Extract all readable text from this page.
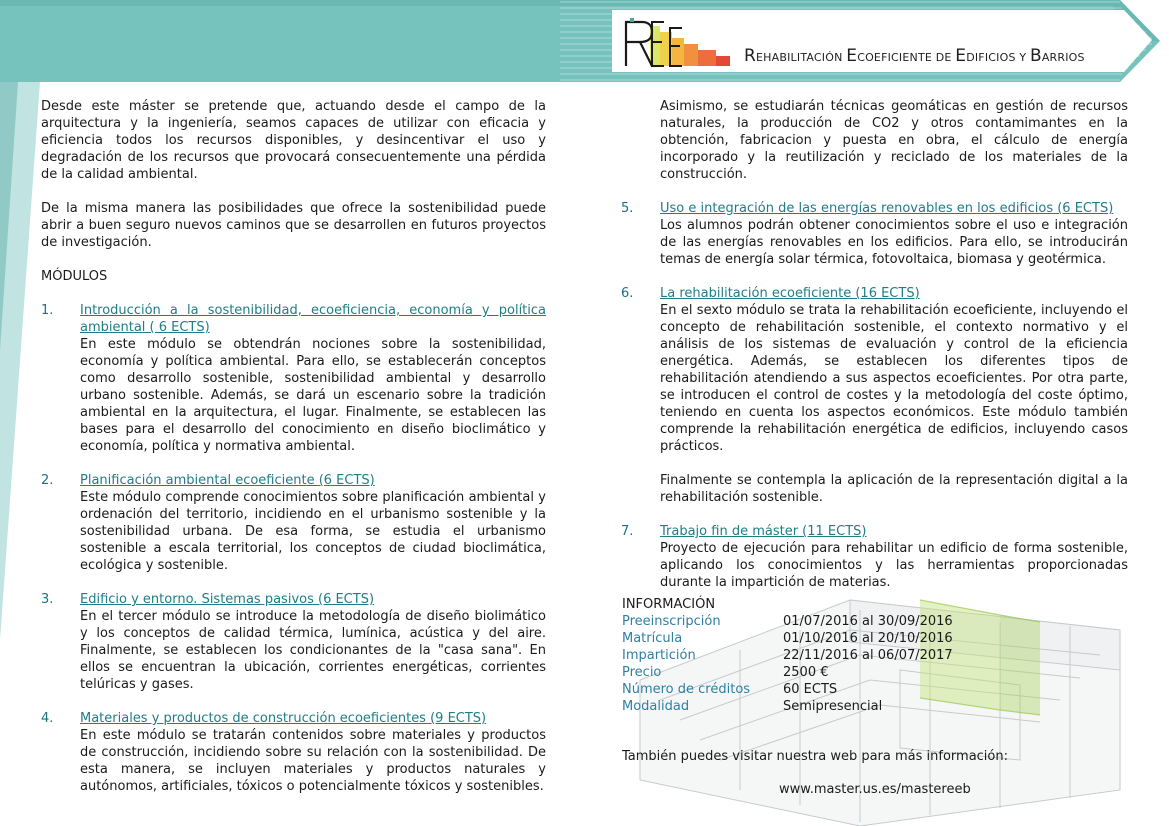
REHABILITACIÓN ECOEFICIENTE DE EDIFICIOS Y BARRIOS

Desde este máster se pretende que, actuando desde el campo de la arquitectura y la ingeniería, seamos capaces de utilizar con eficacia y eficiencia todos los recursos disponibles, y desincentivar el uso y degradación de los recursos que provocará consecuentemente una pérdida de la calidad ambiental.

De la misma manera las posibilidades que ofrece la sostenibilidad puede abrir a buen seguro nuevos caminos que se desarrollen en futuros proyectos de investigación.

MÓDULOS

1. Introducción a la sostenibilidad, ecoeficiencia, economía y política ambiental ( 6 ECTS)

En este módulo se obtendrán nociones sobre la sostenibilidad, economía y política ambiental. Para ello, se establecerán conceptos como desarrollo sostenible, sostenibilidad ambiental y desarrollo urbano sostenible. Además, se dará un escenario sobre la tradición ambiental en la arquitectura, el lugar. Finalmente, se establecen las bases para el desarrollo del conocimiento en diseño bioclimático y economía, política y normativa ambiental.

2. Planificación ambiental ecoeficiente (6 ECTS)

Este módulo comprende conocimientos sobre planificación ambiental y ordenación del territorio, incidiendo en el urbanismo sostenible y la sostenibilidad urbana. De esa forma, se estudia el urbanismo sostenible a escala territorial, los conceptos de ciudad bioclimática, ecológica y sostenible.

3. Edificio y entorno. Sistemas pasivos (6 ECTS)

En el tercer módulo se introduce la metodología de diseño biolimático y los conceptos de calidad térmica, lumínica, acústica y del aire. Finalmente, se establecen los condicionantes de la "casa sana". En ellos se encuentran la ubicación, corrientes energéticas, corrientes telúricas y gases.

4. Materiales y productos de construcción ecoeficientes (9 ECTS)

En este módulo se tratarán contenidos sobre materiales y productos de construcción, incidiendo sobre su relación con la sostenibilidad. De esta manera, se incluyen materiales y productos naturales y autónomos, artificiales, tóxicos o potencialmente tóxicos y sostenibles.

Asimismo, se estudiarán técnicas geomáticas en gestión de recursos naturales, la producción de CO2 y otros contamimantes en la obtención, fabricacion y puesta en obra, el cálculo de energía incorporado y la reutilización y reciclado de los materiales de la construcción.

5. Uso e integración de las energías renovables en los edificios (6 ECTS)

Los alumnos podrán obtener conocimientos sobre el uso e integración de las energías renovables en los edificios. Para ello, se introducirán temas de energía solar térmica, fotovoltaica, biomasa y geotérmica.

6. La rehabilitación ecoeficiente (16 ECTS)

En el sexto módulo se trata la rehabilitación ecoeficiente, incluyendo el concepto de rehabilitación sostenible, el contexto normativo y el análisis de los sistemas de evaluación y control de la eficiencia energética. Además, se establecen los diferentes tipos de rehabilitación atendiendo a sus aspectos ecoeficientes. Por otra parte, se introducen el control de costes y la metodología del coste óptimo, teniendo en cuenta los aspectos económicos. Este módulo también comprende la rehabilitación energética de edificios, incluyendo casos prácticos.

Finalmente se contempla la aplicación de la representación digital a la rehabilitación sostenible.

7. Trabajo fin de máster (11 ECTS)

Proyecto de ejecución para rehabilitar un edificio de forma sostenible, aplicando los conocimientos y las herramientas proporcionadas durante la impartición de materias.

INFORMACIÓN
Preeinscripción	01/07/2016 al 30/09/2016
Matrícula	01/10/2016 al 20/10/2016
Impartición	22/11/2016 al 06/07/2017
Precio	2500 €
Número de créditos	60 ECTS
Modalidad	Semipresencial
También puedes visitar nuestra web para más información:
www.master.us.es/mastereeb
